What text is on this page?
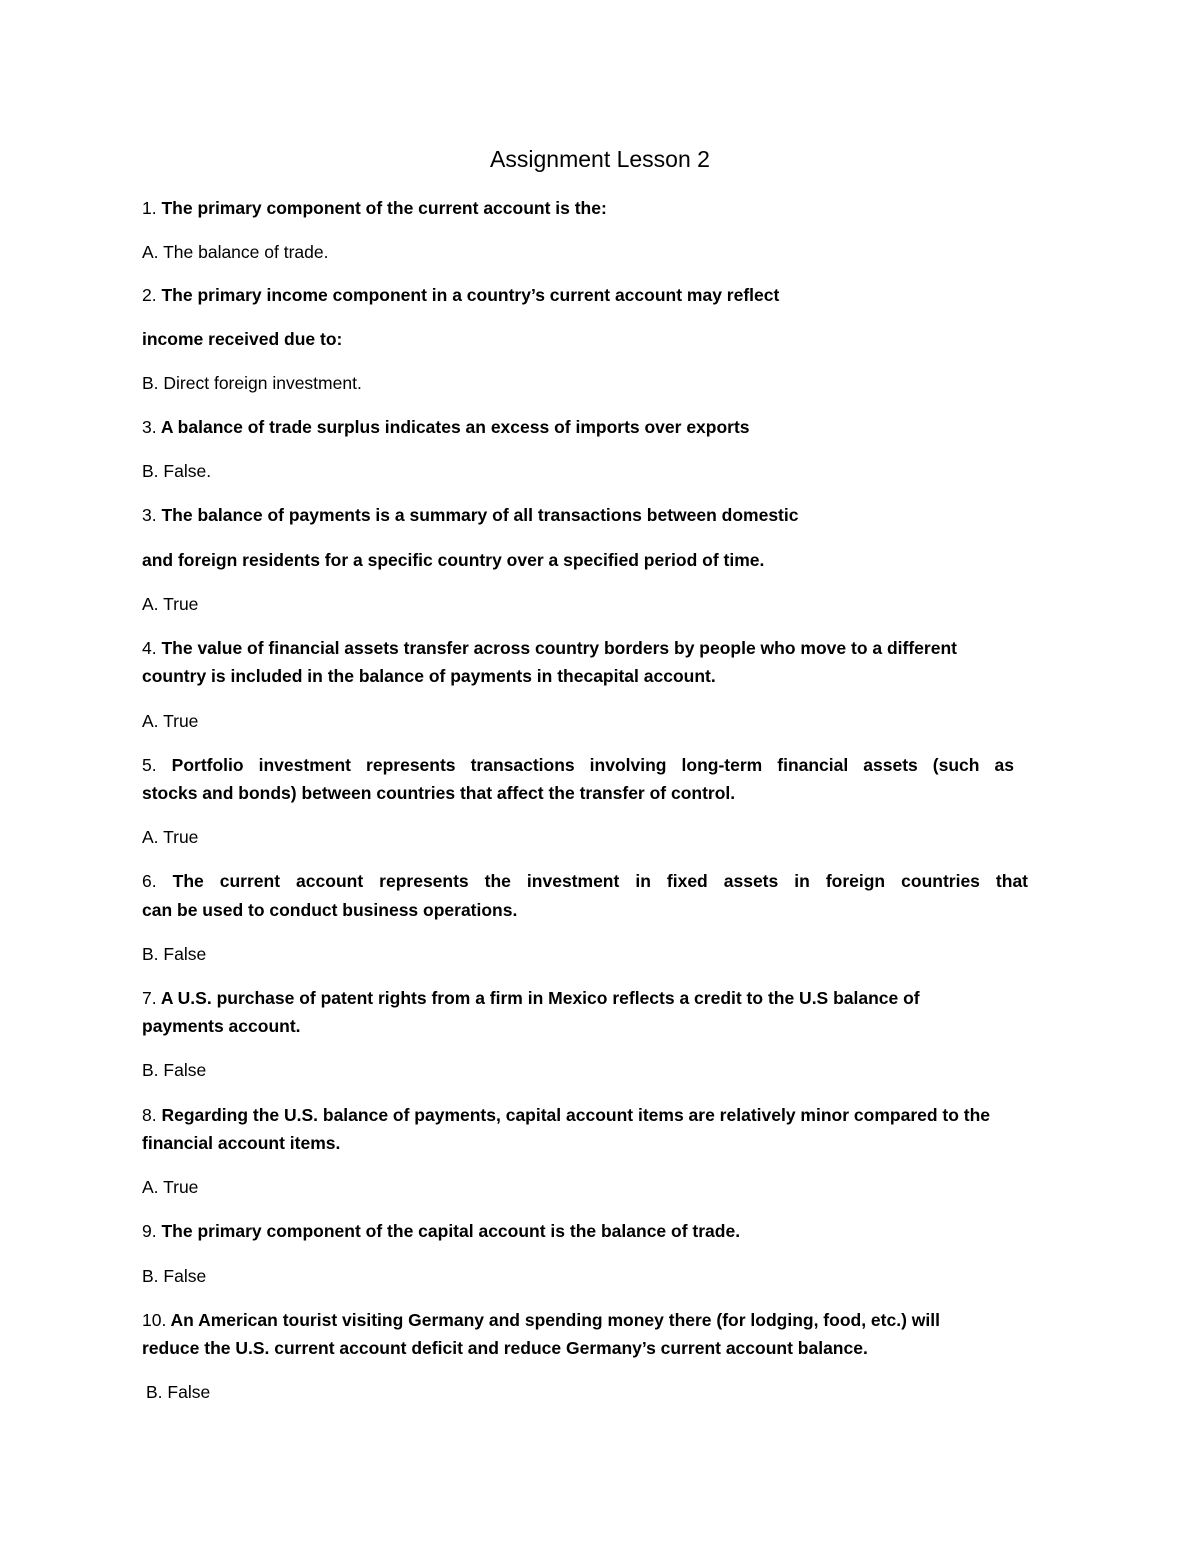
Assignment Lesson 2

1. The primary component of the current account is the:

A. The balance of trade.

2. The primary income component in a country’s current account may reflect

income received due to:

B. Direct foreign investment.

3. A balance of trade surplus indicates an excess of imports over exports

B. False.

3. The balance of payments is a summary of all transactions between domestic

and foreign residents for a specific country over a specified period of time.

A. True

4. The value of financial assets transfer across country borders by people who move to a different

country is included in the balance of payments in thecapital account.

A. True

5. Portfolio investment represents transactions involving long-term financial assets (such as

stocks and bonds) between countries that affect the transfer of control.

A. True

6. The current account represents the investment in fixed assets in foreign countries that

can be used to conduct business operations.

B. False

7. A U.S. purchase of patent rights from a firm in Mexico reflects a credit to the U.S balance of

payments account.

B. False

8. Regarding the U.S. balance of payments, capital account items are relatively minor compared to the

financial account items.

A. True

9. The primary component of the capital account is the balance of trade.

B. False

10. An American tourist visiting Germany and spending money there (for lodging, food, etc.) will

reduce the U.S. current account deficit and reduce Germany’s current account balance.

B. False
